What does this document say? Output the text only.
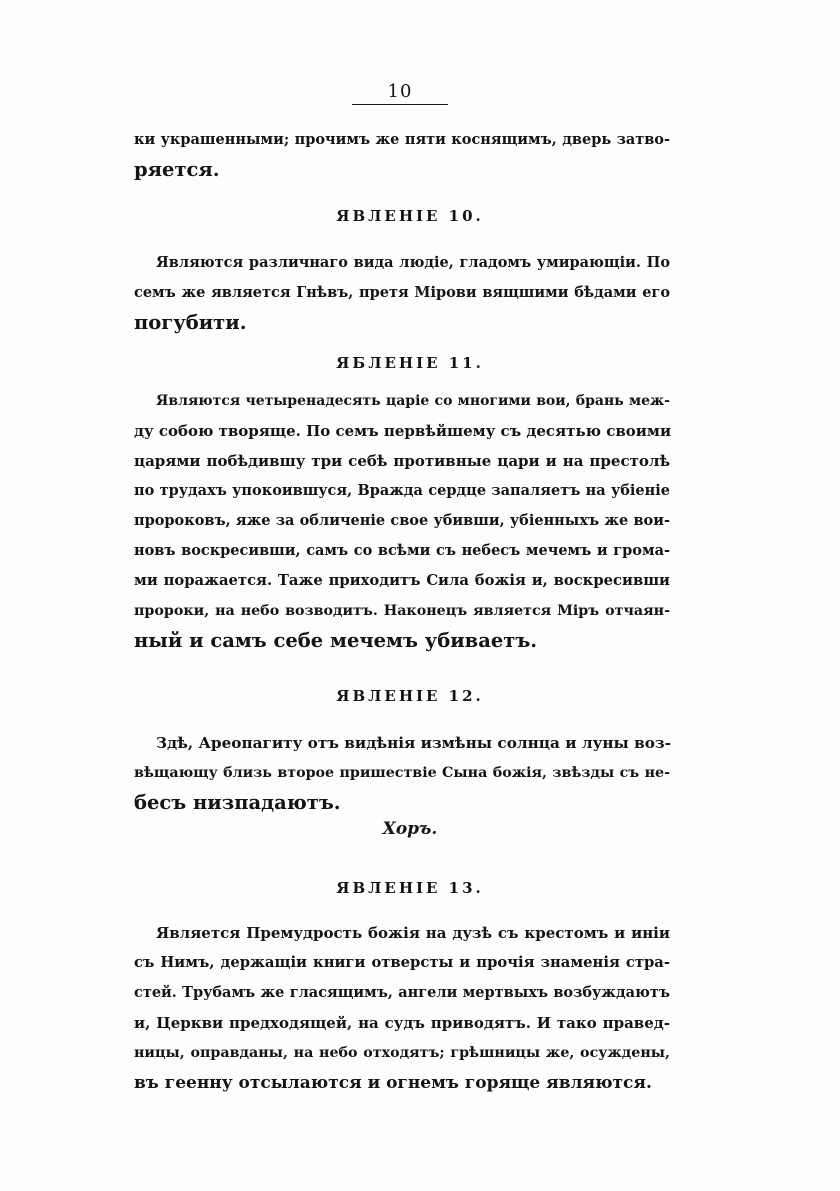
10
ки украшенными; прочимъ же пяти коснящимъ, дверь затво-
ряется.
ЯВЛЕНІЕ 10.
Являются различнаго вида людіе, гладомъ умирающіи. По
семъ же является Гнѣвъ, претя Мірови вящшими бѣдами его
погубити.
ЯБЛЕНІЕ 11.
Являются четыренадесять царіе со многими вои, брань меж-
ду собою творяще. По семъ первѣйшему съ десятью своими
царями побѣдившу три себѣ противные цари и на престолѣ
по трудахъ упокоившуся, Вражда сердце запаляетъ на убіеніе
пророковъ, яже за обличеніе свое убивши, убіенныхъ же вои-
новъ воскресивши, самъ со всѣми съ небесъ мечемъ и грома-
ми поражается. Таже приходитъ Сила божія и, воскресивши
пророки, на небо возводитъ. Наконецъ является Міръ отчаян-
ный и самъ себе мечемъ убиваетъ.
ЯВЛЕНІЕ 12.
Здѣ, Ареопагиту отъ видѣнія измѣны солнца и луны воз-
вѣщающу близь второе пришествіе Сына божія, звѣзды съ не-
бесъ низпадаютъ.
Хоръ.
ЯВЛЕНІЕ 13.
Является Премудрость божія на дузѣ съ крестомъ и иніи
съ Нимъ, держащіи книги отверсты и прочія знаменія стра-
стей. Трубамъ же гласящимъ, ангели мертвыхъ возбуждаютъ
и, Церкви предходящей, на судъ приводятъ. И тако правед-
ницы, оправданы, на небо отходятъ; грѣшницы же, осуждены,
въ геенну отсылаются и огнемъ горяще являются.
